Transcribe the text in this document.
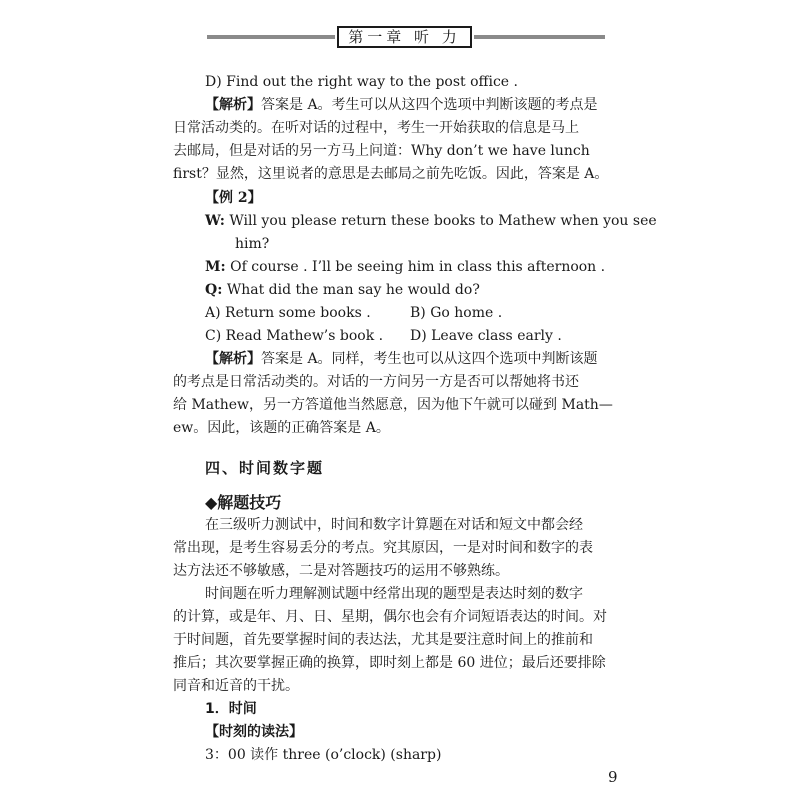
第一章 听 力
D) Find out the right way to the post office .
【解析】答案是 A。考生可以从这四个选项中判断该题的考点是
日常活动类的。在听对话的过程中，考生一开始获取的信息是马上
去邮局，但是对话的另一方马上问道：Why don’t we have lunch
first？显然，这里说者的意思是去邮局之前先吃饭。因此，答案是 A。
【例 2】
W: Will you please return these books to Mathew when you see
him?
M: Of course . I’ll be seeing him in class this afternoon .
Q: What did the man say he would do?
A) Return some books .	B) Go home .
C) Read Mathew’s book . D) Leave class early .
【解析】答案是 A。同样，考生也可以从这四个选项中判断该题
的考点是日常活动类的。对话的一方问另一方是否可以帮她将书还
给 Mathew，另一方答道他当然愿意，因为他下午就可以碰到 Math—
ew。因此，该题的正确答案是 A。
四、时间数字题
◆解题技巧
在三级听力测试中，时间和数字计算题在对话和短文中都会经
常出现，是考生容易丢分的考点。究其原因，一是对时间和数字的表
达方法还不够敏感，二是对答题技巧的运用不够熟练。
时间题在听力理解测试题中经常出现的题型是表达时刻的数字
的计算，或是年、月、日、星期，偶尔也会有介词短语表达的时间。对
于时间题，首先要掌握时间的表达法，尤其是要注意时间上的推前和
推后；其次要掌握正确的换算，即时刻上都是 60 进位；最后还要排除
同音和近音的干扰。
1．时间
【时刻的读法】
3：00 读作 three (o’clock) (sharp)
9
